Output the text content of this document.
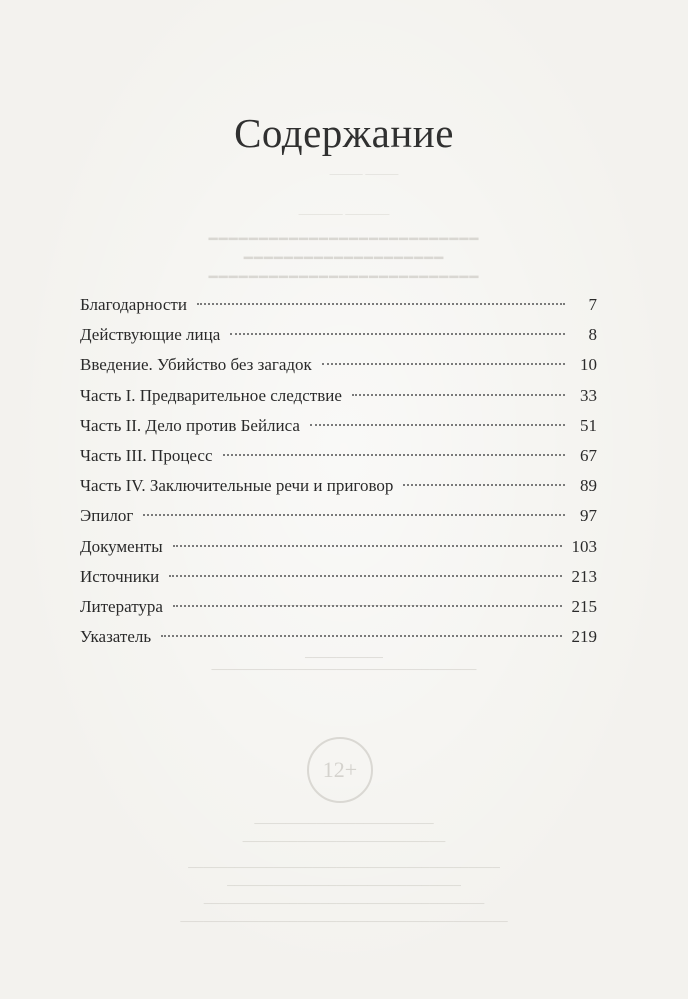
——— ———
———— ————
━━━━━━━━━━━━━━━━━━━━━━━━━━━
━━━━━━━━━━━━━━━━━━━━
━━━━━━━━━━━━━━━━━━━━━━━━━━━
──────────────────────
──────────
──────────────────────────────────
───────────────────────
──────────────────────────
────────────────────────────────────────
──────────────────────────────
────────────────────────────────────
──────────────────────────────────────────
12+
Содержание
Благодарности	7
Действующие лица	8
Введение. Убийство без загадок	10
Часть I. Предварительное следствие	33
Часть II. Дело против Бейлиса	51
Часть III. Процесс	67
Часть IV. Заключительные речи и приговор	89
Эпилог	97
Документы	103
Источники	213
Литература	215
Указатель	219
